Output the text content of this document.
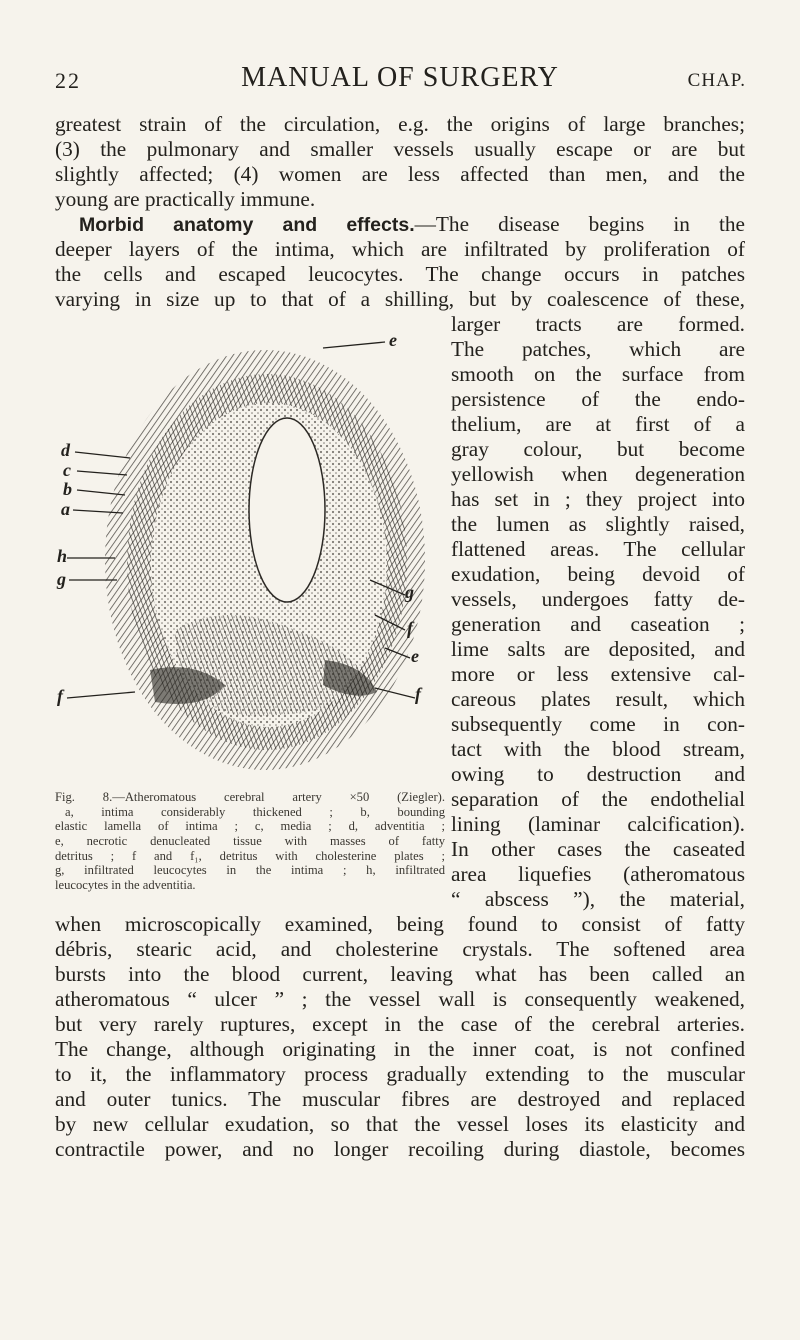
22	MANUAL OF SURGERY	CHAP.
greatest strain of the circulation, e.g. the origins of large branches;
(3) the pulmonary and smaller vessels usually escape or are but
slightly affected; (4) women are less affected than men, and the
young are practically immune.
Morbid anatomy and effects.—The disease begins in the
deeper layers of the intima, which are infiltrated by proliferation of
the cells and escaped leucocytes. The change occurs in patches
varying in size up to that of a shilling, but by coalescence of these,
larger tracts are formed.
The patches, which are
smooth on the surface from
persistence of the endo-
thelium, are at first of a
gray colour, but become
yellowish when degeneration
has set in ; they project into
the lumen as slightly raised,
flattened areas. The cellular
exudation, being devoid of
vessels, undergoes fatty de-
generation and caseation ;
lime salts are deposited, and
more or less extensive cal-
careous plates result, which
subsequently come in con-
tact with the blood stream,
owing to destruction and
separation of the endothelial
lining (laminar calcification).
In other cases the caseated
area liquefies (atheromatous
“ abscess ”), the material,
d
c
b
a
h
g
e
g
f
e
f	f
Fig. 8.—Atheromatous cerebral artery ×50 (Ziegler).
a, intima considerably thickened ; b, bounding
elastic lamella of intima ; c, media ; d, adventitia ;
e, necrotic denucleated tissue with masses of fatty
detritus ; f and f₁, detritus with cholesterine plates ;
g, infiltrated leucocytes in the intima ; h, infiltrated
leucocytes in the adventitia.
when microscopically examined, being found to consist of fatty
débris, stearic acid, and cholesterine crystals. The softened area
bursts into the blood current, leaving what has been called an
atheromatous “ ulcer ” ; the vessel wall is consequently weakened,
but very rarely ruptures, except in the case of the cerebral arteries.
The change, although originating in the inner coat, is not confined
to it, the inflammatory process gradually extending to the muscular
and outer tunics. The muscular fibres are destroyed and replaced
by new cellular exudation, so that the vessel loses its elasticity and
contractile power, and no longer recoiling during diastole, becomes
